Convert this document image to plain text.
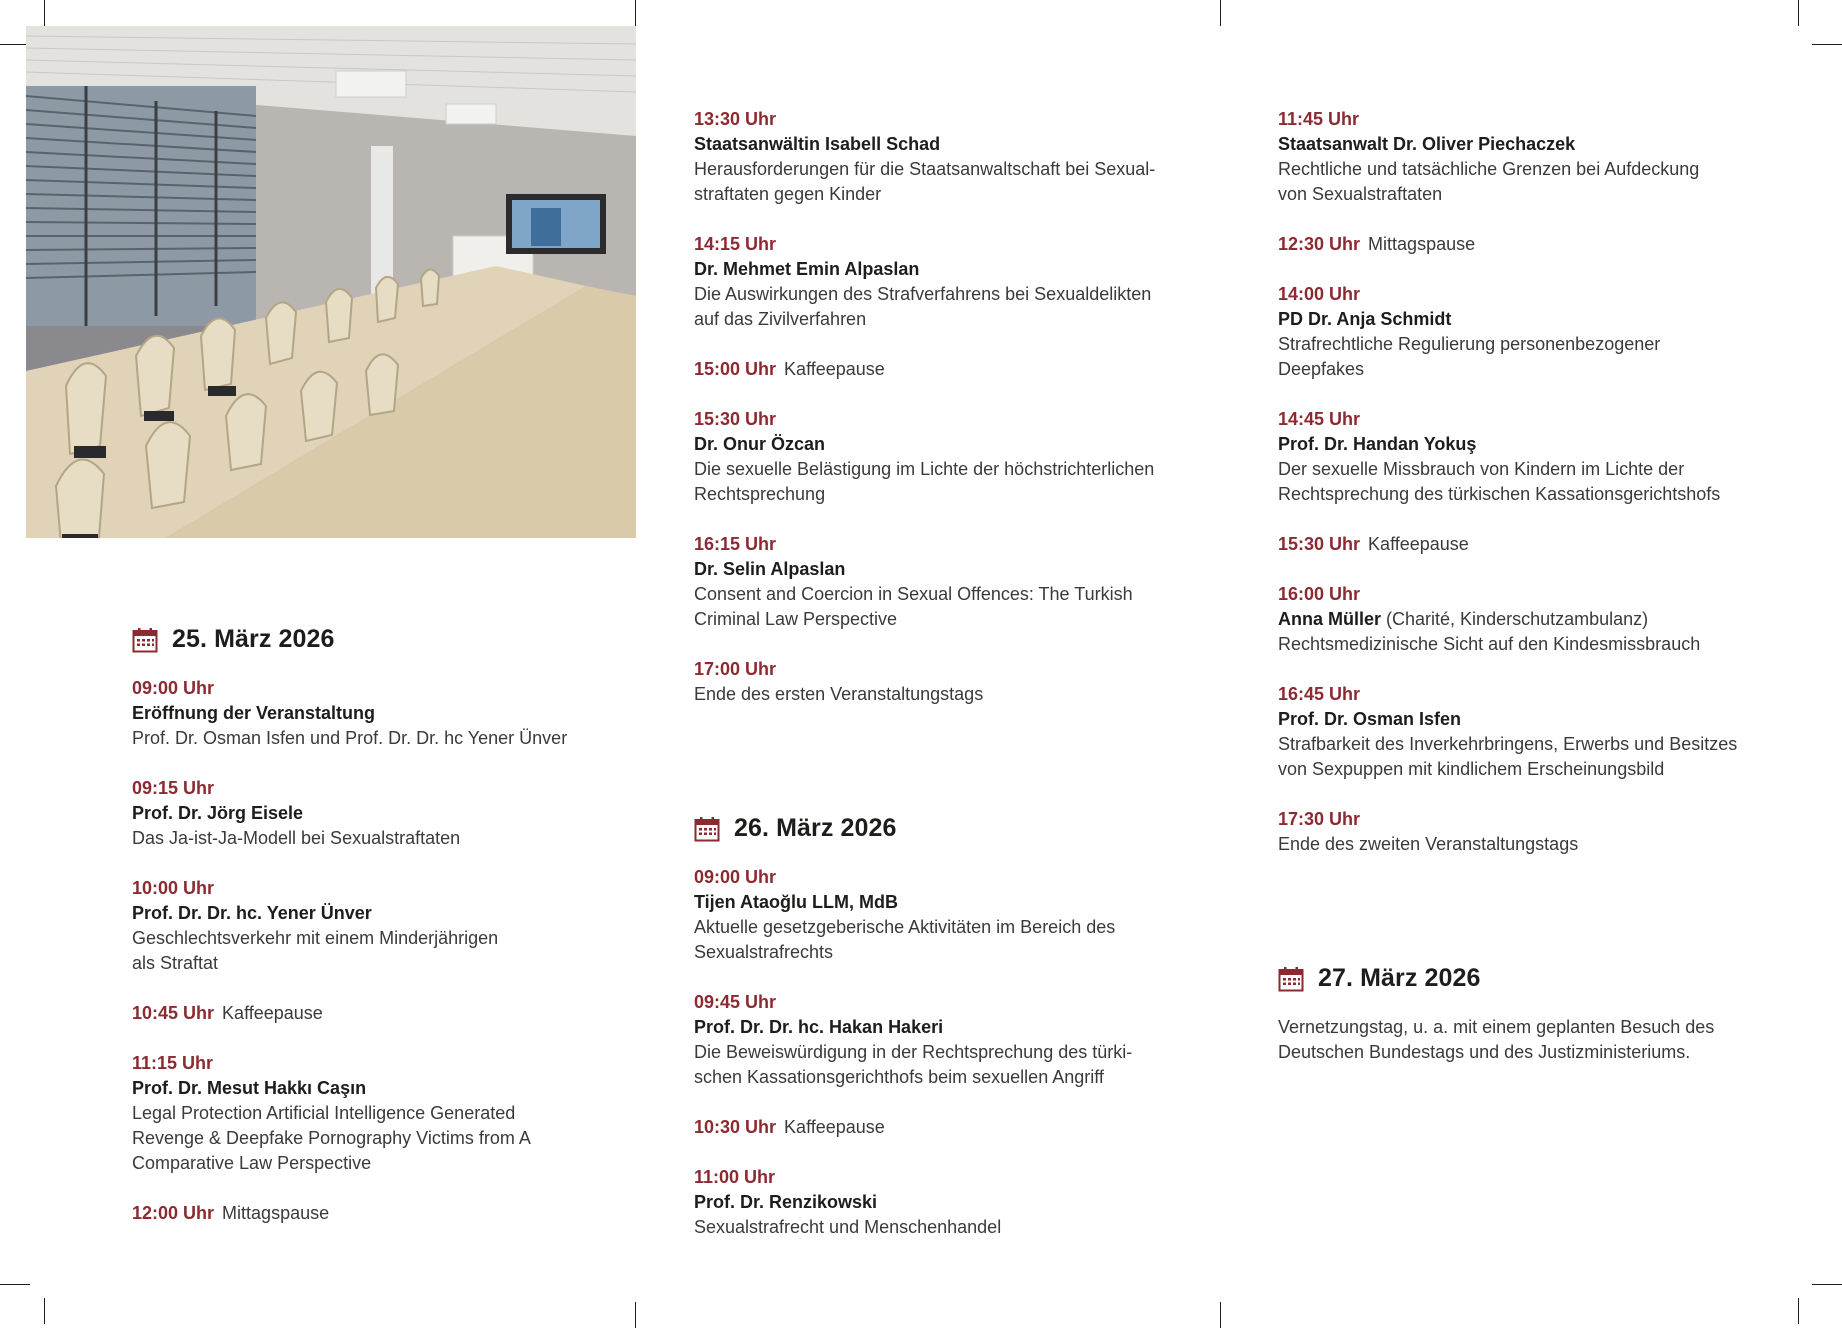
25. März 2026
09:00 Uhr
Eröffnung der Veranstaltung
Prof. Dr. Osman Isfen und Prof. Dr. Dr. hc Yener Ünver
09:15 Uhr
Prof. Dr. Jörg Eisele
Das Ja-ist-Ja-Modell bei Sexualstraftaten
10:00 Uhr
Prof. Dr. Dr. hc. Yener Ünver
Geschlechtsverkehr mit einem Minderjährigen
als Straftat
10:45 Uhr Kaffeepause
11:15 Uhr
Prof. Dr. Mesut Hakkı Caşın
Legal Protection Artificial Intelligence Generated
Revenge & Deepfake Pornography Victims from A
Comparative Law Perspective
12:00 Uhr Mittagspause
13:30 Uhr
Staatsanwältin Isabell Schad
Herausforderungen für die Staatsanwaltschaft bei Sexual-
straftaten gegen Kinder
14:15 Uhr
Dr. Mehmet Emin Alpaslan
Die Auswirkungen des Strafverfahrens bei Sexualdelikten
auf das Zivilverfahren
15:00 Uhr Kaffeepause
15:30 Uhr
Dr. Onur Özcan
Die sexuelle Belästigung im Lichte der höchstrichterlichen
Rechtsprechung
16:15 Uhr
Dr. Selin Alpaslan
Consent and Coercion in Sexual Offences: The Turkish
Criminal Law Perspective
17:00 Uhr
Ende des ersten Veranstaltungstags
26. März 2026
09:00 Uhr
Tijen Ataoğlu LLM, MdB
Aktuelle gesetzgeberische Aktivitäten im Bereich des
Sexualstrafrechts
09:45 Uhr
Prof. Dr. Dr. hc. Hakan Hakeri
Die Beweiswürdigung in der Rechtsprechung des türki-
schen Kassationsgerichthofs beim sexuellen Angriff
10:30 Uhr Kaffeepause
11:00 Uhr
Prof. Dr. Renzikowski
Sexualstrafrecht und Menschenhandel
11:45 Uhr
Staatsanwalt Dr. Oliver Piechaczek
Rechtliche und tatsächliche Grenzen bei Aufdeckung
von Sexualstraftaten
12:30 Uhr Mittagspause
14:00 Uhr
PD Dr. Anja Schmidt
Strafrechtliche Regulierung personenbezogener
Deepfakes
14:45 Uhr
Prof. Dr. Handan Yokuş
Der sexuelle Missbrauch von Kindern im Lichte der
Rechtsprechung des türkischen Kassationsgerichtshofs
15:30 Uhr Kaffeepause
16:00 Uhr
Anna Müller (Charité, Kinderschutzambulanz)
Rechtsmedizinische Sicht auf den Kindesmissbrauch
16:45 Uhr
Prof. Dr. Osman Isfen
Strafbarkeit des Inverkehrbringens, Erwerbs und Besitzes
von Sexpuppen mit kindlichem Erscheinungsbild
17:30 Uhr
Ende des zweiten Veranstaltungstags
27. März 2026
Vernetzungstag, u. a. mit einem geplanten Besuch des
Deutschen Bundestags und des Justizministeriums.
